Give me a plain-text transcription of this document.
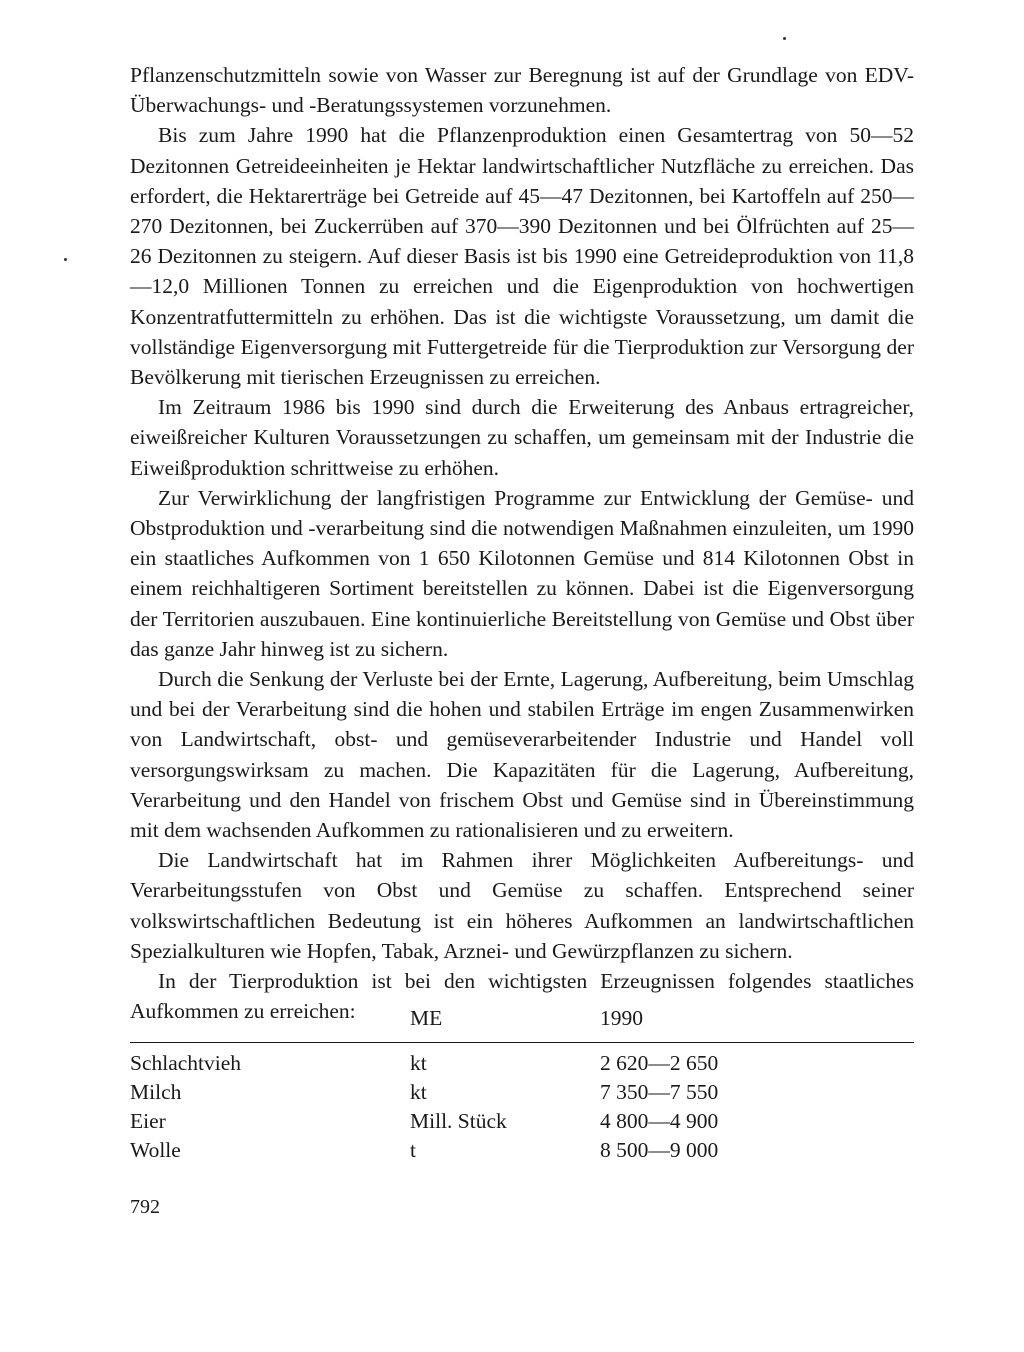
Pflanzenschutzmitteln sowie von Wasser zur Beregnung ist auf der Grundlage von EDV-Überwachungs- und -Beratungssystemen vorzunehmen.

Bis zum Jahre 1990 hat die Pflanzenproduktion einen Gesamtertrag von 50—52 Dezitonnen Getreideeinheiten je Hektar landwirtschaftlicher Nutzfläche zu erreichen. Das erfordert, die Hektarerträge bei Getreide auf 45—47 Dezitonnen, bei Kartoffeln auf 250—270 Dezitonnen, bei Zuckerrüben auf 370—390 Dezitonnen und bei Ölfrüchten auf 25—26 Dezitonnen zu steigern. Auf dieser Basis ist bis 1990 eine Getreideproduktion von 11,8—12,0 Millionen Tonnen zu erreichen und die Eigenproduktion von hochwertigen Konzentratfuttermitteln zu erhöhen. Das ist die wichtigste Voraussetzung, um damit die vollständige Eigenversorgung mit Futtergetreide für die Tierproduktion zur Versorgung der Bevölkerung mit tierischen Erzeugnissen zu erreichen.

Im Zeitraum 1986 bis 1990 sind durch die Erweiterung des Anbaus ertragreicher, eiweißreicher Kulturen Voraussetzungen zu schaffen, um gemeinsam mit der Industrie die Eiweißproduktion schrittweise zu erhöhen.

Zur Verwirklichung der langfristigen Programme zur Entwicklung der Gemüse- und Obstproduktion und -verarbeitung sind die notwendigen Maßnahmen einzuleiten, um 1990 ein staatliches Aufkommen von 1 650 Kilotonnen Gemüse und 814 Kilotonnen Obst in einem reichhaltigeren Sortiment bereitstellen zu können. Dabei ist die Eigenversorgung der Territorien auszubauen. Eine kontinuierliche Bereitstellung von Gemüse und Obst über das ganze Jahr hinweg ist zu sichern.

Durch die Senkung der Verluste bei der Ernte, Lagerung, Aufbereitung, beim Umschlag und bei der Verarbeitung sind die hohen und stabilen Erträge im engen Zusammenwirken von Landwirtschaft, obst- und gemüseverarbeitender Industrie und Handel voll versorgungswirksam zu machen. Die Kapazitäten für die Lagerung, Aufbereitung, Verarbeitung und den Handel von frischem Obst und Gemüse sind in Übereinstimmung mit dem wachsenden Aufkommen zu rationalisieren und zu erweitern.

Die Landwirtschaft hat im Rahmen ihrer Möglichkeiten Aufbereitungs- und Verarbeitungsstufen von Obst und Gemüse zu schaffen. Entsprechend seiner volkswirtschaftlichen Bedeutung ist ein höheres Aufkommen an landwirtschaftlichen Spezialkulturen wie Hopfen, Tabak, Arznei- und Gewürzpflanzen zu sichern.

In der Tierproduktion ist bei den wichtigsten Erzeugnissen folgendes staatliches Aufkommen zu erreichen:	ME	1990
Schlachtvieh	kt	2 620—2 650
Milch	kt	7 350—7 550
Eier	Mill. Stück	4 800—4 900
Wolle	t	8 500—9 000
792
